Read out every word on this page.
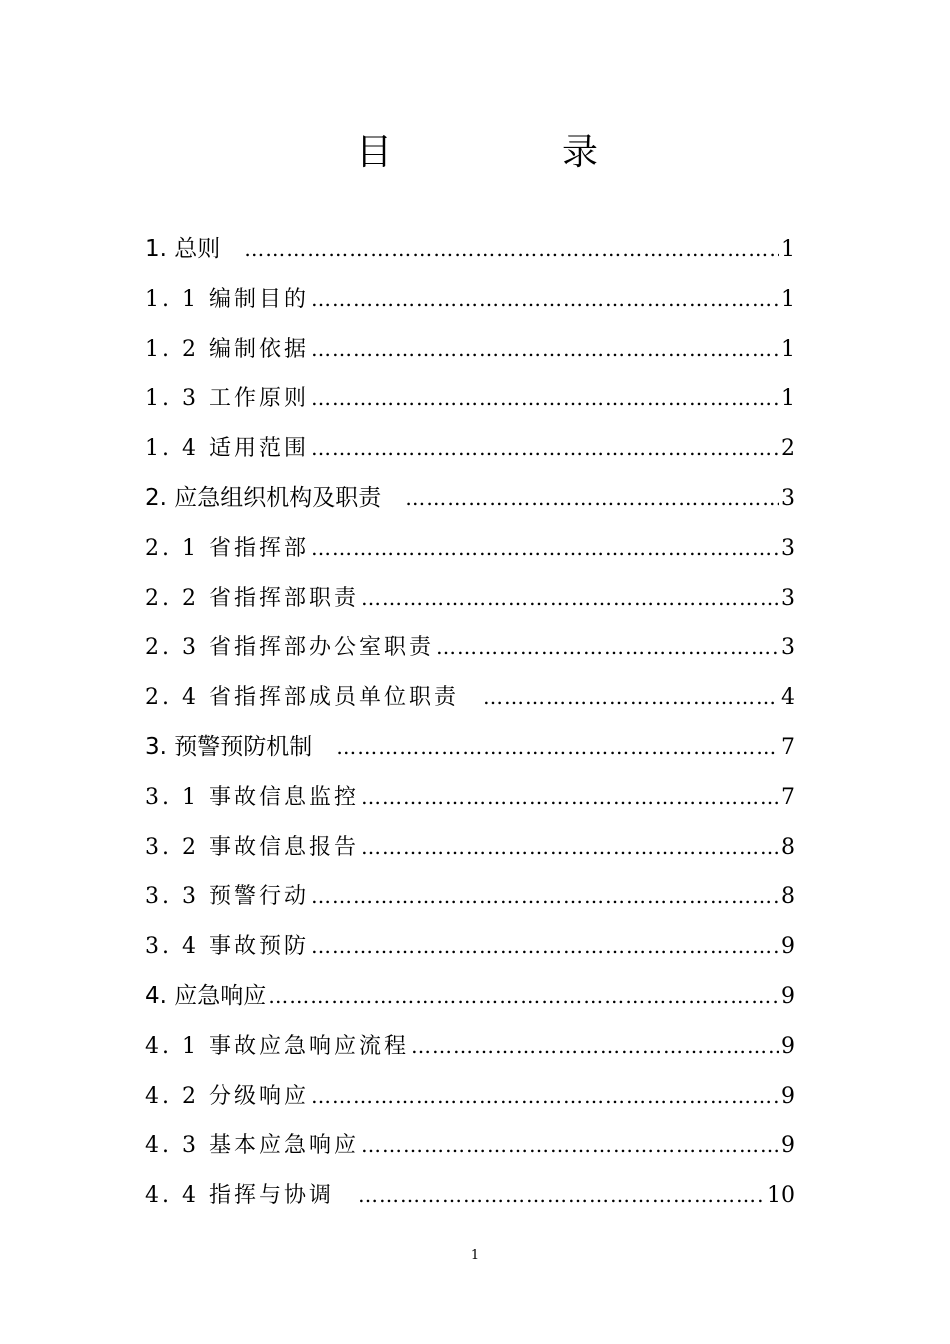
目	录
1. 总则 ……………………………………………………………………………………………………………………	1
1. 1 编制目的 ……………………………………………………………………………………………………………………	1
1. 2 编制依据 ……………………………………………………………………………………………………………………	1
1. 3 工作原则 ……………………………………………………………………………………………………………………	1
1. 4 适用范围 ……………………………………………………………………………………………………………………	2
2. 应急组织机构及职责 ……………………………………………………………………………………………………………………	3
2. 1 省指挥部 ……………………………………………………………………………………………………………………	3
2. 2 省指挥部职责 ……………………………………………………………………………………………………………………	3
2. 3 省指挥部办公室职责 ……………………………………………………………………………………………………………………	3
2. 4 省指挥部成员单位职责 ……………………………………………………………………………………………………………………	4
3. 预警预防机制 ……………………………………………………………………………………………………………………	7
3. 1 事故信息监控 ……………………………………………………………………………………………………………………	7
3. 2 事故信息报告 ……………………………………………………………………………………………………………………	8
3. 3 预警行动 ……………………………………………………………………………………………………………………	8
3. 4 事故预防 ……………………………………………………………………………………………………………………	9
4. 应急响应 ……………………………………………………………………………………………………………………	9
4. 1 事故应急响应流程 ……………………………………………………………………………………………………………………	9
4. 2 分级响应 ……………………………………………………………………………………………………………………	9
4. 3 基本应急响应 ……………………………………………………………………………………………………………………	9
4. 4 指挥与协调 ……………………………………………………………………………………………………………………	10
1
